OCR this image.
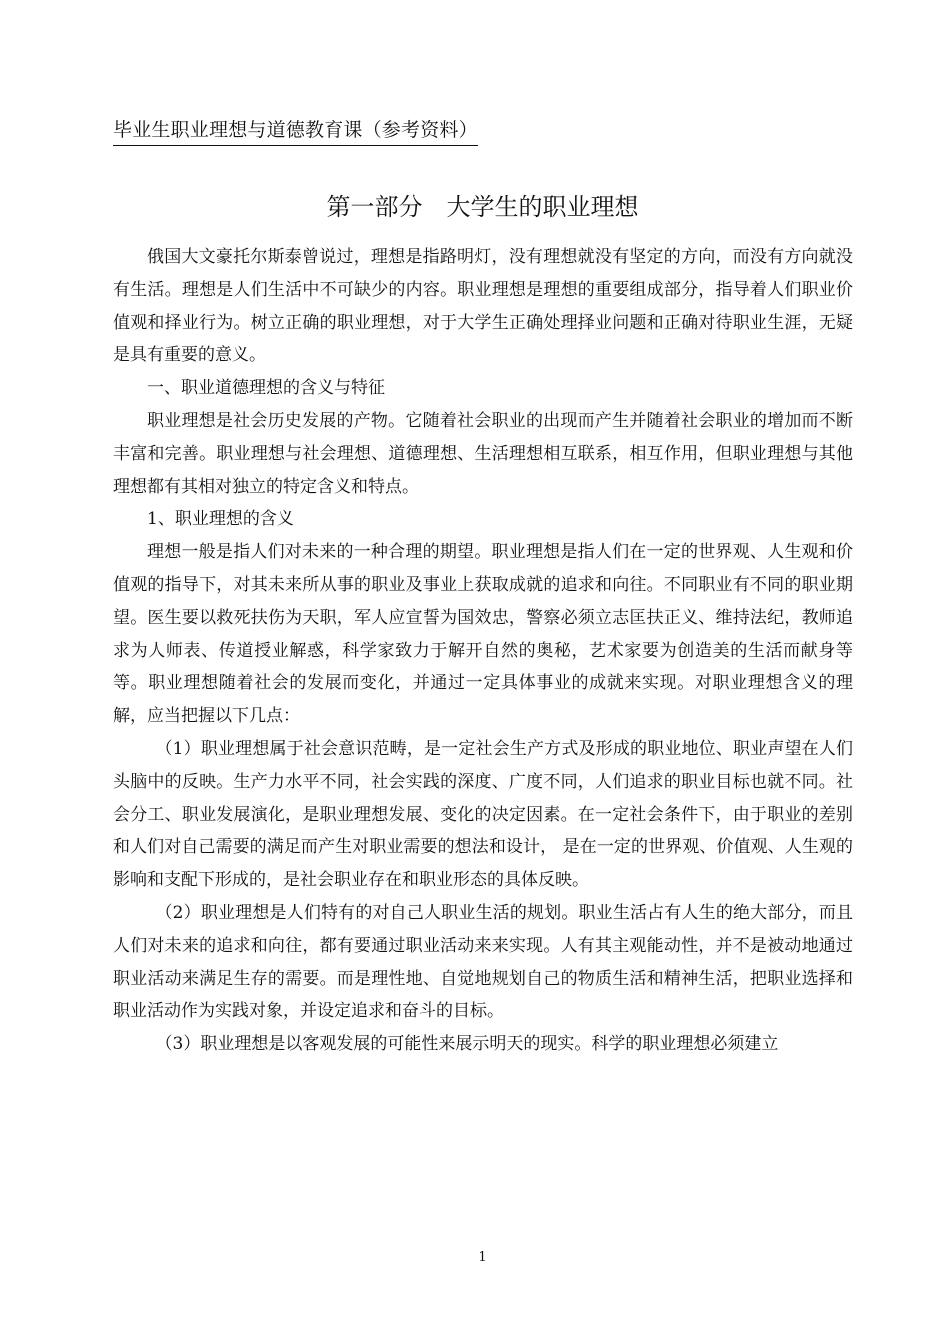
毕业生职业理想与道德教育课（参考资料）
第一部分　大学生的职业理想

俄国大文豪托尔斯泰曾说过，理想是指路明灯，没有理想就没有坚定的方向，而没有方向就没有生活。理想是人们生活中不可缺少的内容。职业理想是理想的重要组成部分，指导着人们职业价值观和择业行为。树立正确的职业理想，对于大学生正确处理择业问题和正确对待职业生涯，无疑是具有重要的意义。

一、职业道德理想的含义与特征

职业理想是社会历史发展的产物。它随着社会职业的出现而产生并随着社会职业的增加而不断丰富和完善。职业理想与社会理想、道德理想、生活理想相互联系，相互作用，但职业理想与其他理想都有其相对独立的特定含义和特点。

1、职业理想的含义

理想一般是指人们对未来的一种合理的期望。职业理想是指人们在一定的世界观、人生观和价值观的指导下，对其未来所从事的职业及事业上获取成就的追求和向往。不同职业有不同的职业期望。医生要以救死扶伤为天职，军人应宣誓为国效忠，警察必须立志匡扶正义、维持法纪，教师追求为人师表、传道授业解惑，科学家致力于解开自然的奥秘，艺术家要为创造美的生活而献身等等。职业理想随着社会的发展而变化，并通过一定具体事业的成就来实现。对职业理想含义的理解，应当把握以下几点：

（1）职业理想属于社会意识范畴，是一定社会生产方式及形成的职业地位、职业声望在人们头脑中的反映。生产力水平不同，社会实践的深度、广度不同，人们追求的职业目标也就不同。社会分工、职业发展演化，是职业理想发展、变化的决定因素。在一定社会条件下，由于职业的差别和人们对自己需要的满足而产生对职业需要的想法和设计， 是在一定的世界观、价值观、人生观的影响和支配下形成的，是社会职业存在和职业形态的具体反映。

（2）职业理想是人们特有的对自己人职业生活的规划。职业生活占有人生的绝大部分，而且人们对未来的追求和向往，都有要通过职业活动来来实现。人有其主观能动性，并不是被动地通过职业活动来满足生存的需要。而是理性地、自觉地规划自己的物质生活和精神生活，把职业选择和职业活动作为实践对象，并设定追求和奋斗的目标。

（3）职业理想是以客观发展的可能性来展示明天的现实。科学的职业理想必须建立

1
